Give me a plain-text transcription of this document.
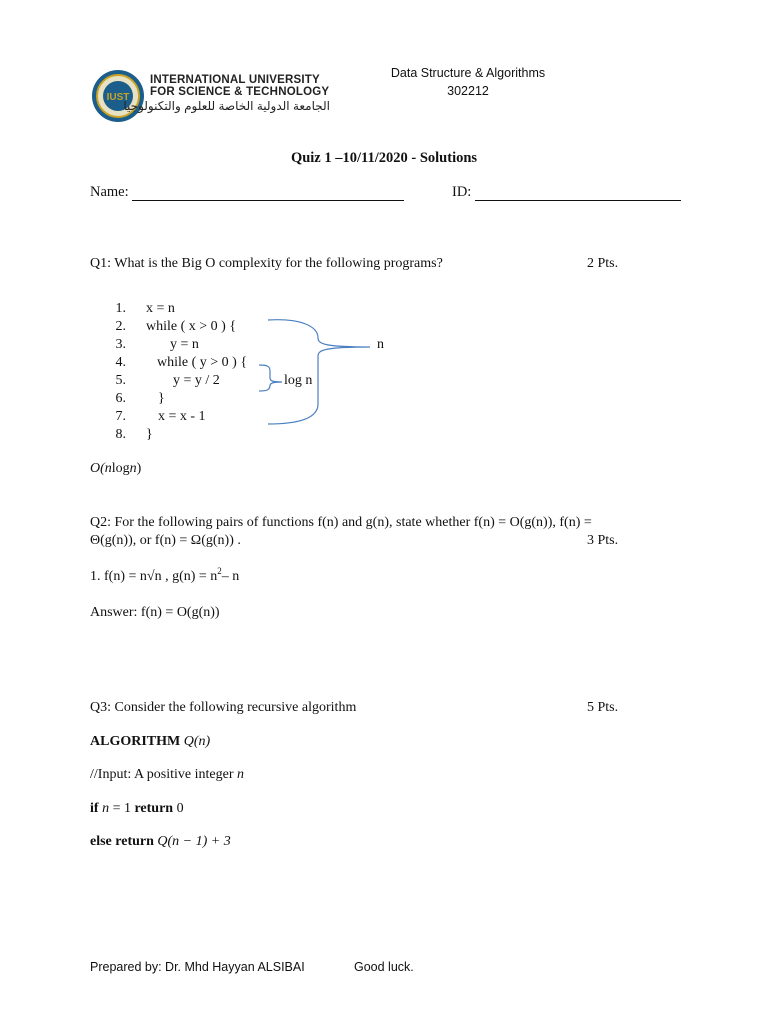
IUST
INTERNATIONAL UNIVERSITY
FOR SCIENCE & TECHNOLOGY
الجامعة الدولية الخاصة للعلوم والتكنولوجيا
Data Structure & Algorithms
302212
Quiz 1 –10/11/2020 - Solutions
Name:	ID:
Q1: What is the Big O complexity for the following programs?	2 Pts.
1. x = n
2. while ( x > 0 ) {
3.	y = n
4. while ( y > 0 ) {
5.	y = y / 2
6. }
7. x = x - 1
8. }
n
log n
O(nlogn)
Q2: For the following pairs of functions f(n) and g(n), state whether f(n) = O(g(n)), f(n) =
Θ(g(n)), or f(n) = Ω(g(n)) .	3 Pts.
1. f(n) = n√n , $g(n) = n^2-$ n
Answer: f(n) = O(g(n))
Q3: Consider the following recursive algorithm	5 Pts.
ALGORITHM Q(n)
//Input: A positive integer n
if n = 1 return 0
else return Q(n − 1) + 3
Prepared by: Dr. Mhd Hayyan ALSIBAI	Good luck.
